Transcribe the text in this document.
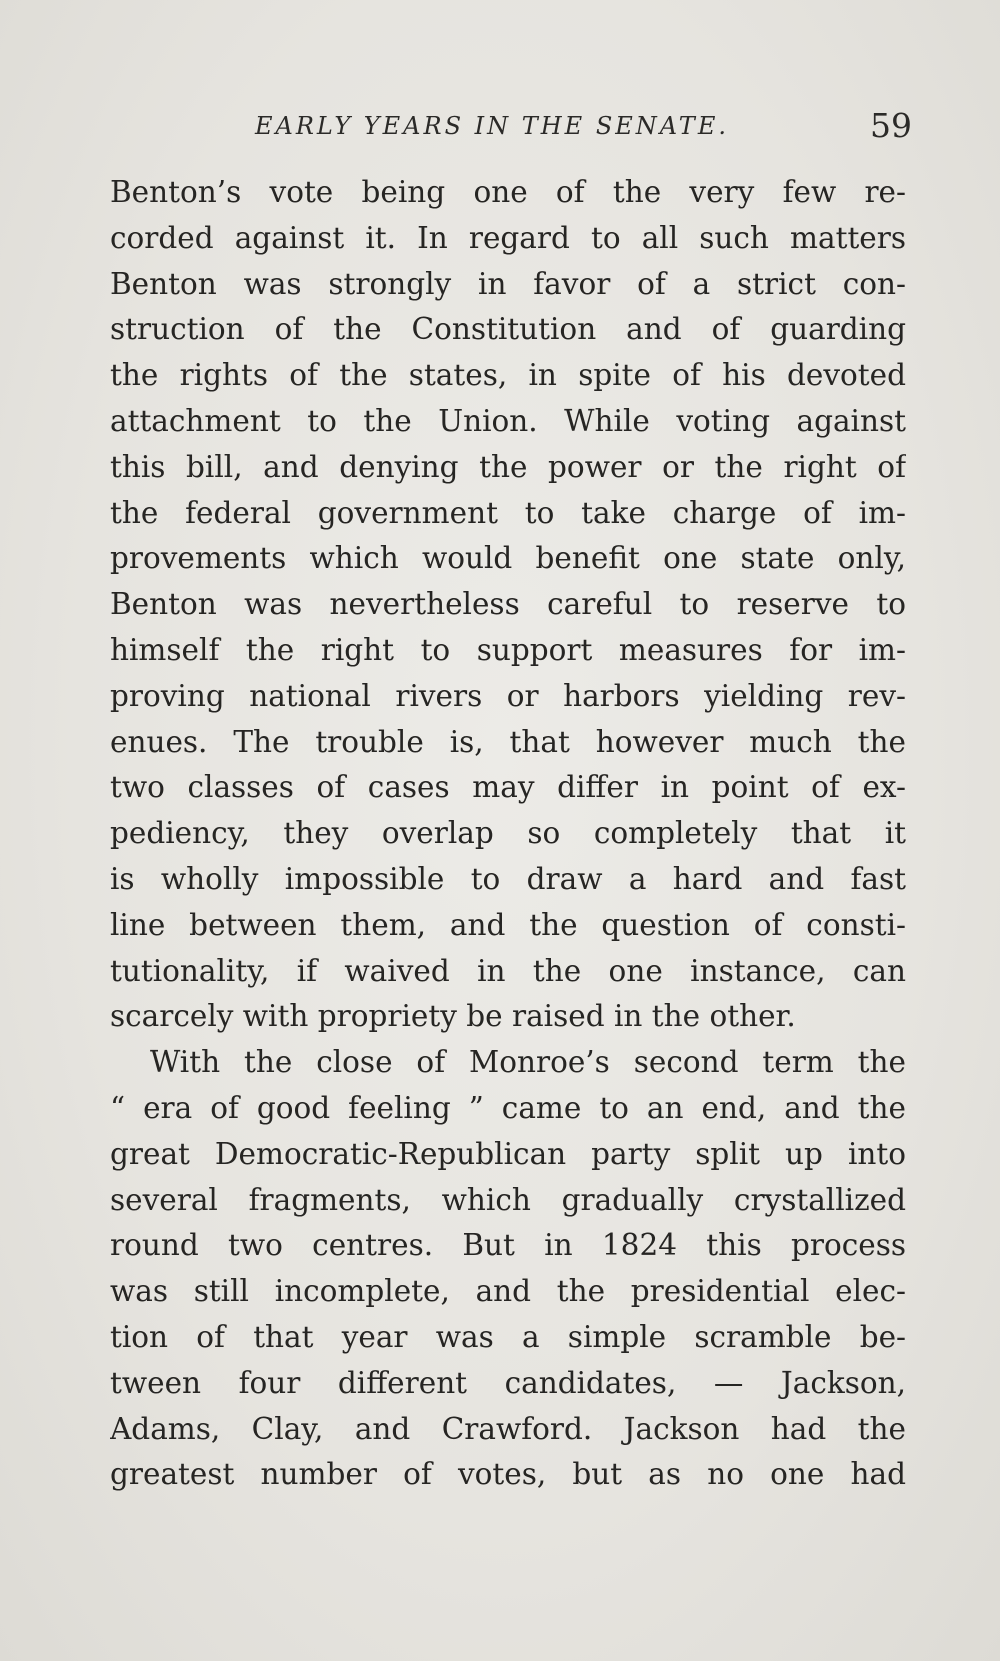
EARLY YEARS IN THE SENATE.	59
Benton’s vote being one of the very few re-
corded against it. In regard to all such matters
Benton was strongly in favor of a strict con-
struction of the Constitution and of guarding
the rights of the states, in spite of his devoted
attachment to the Union. While voting against
this bill, and denying the power or the right of
the federal government to take charge of im-
provements which would benefit one state only,
Benton was nevertheless careful to reserve to
himself the right to support measures for im-
proving national rivers or harbors yielding rev-
enues. The trouble is, that however much the
two classes of cases may differ in point of ex-
pediency, they overlap so completely that it
is wholly impossible to draw a hard and fast
line between them, and the question of consti-
tutionality, if waived in the one instance, can
scarcely with propriety be raised in the other.
With the close of Monroe’s second term the
“ era of good feeling ” came to an end, and the
great Democratic-Republican party split up into
several fragments, which gradually crystallized
round two centres. But in 1824 this process
was still incomplete, and the presidential elec-
tion of that year was a simple scramble be-
tween four different candidates, — Jackson,
Adams, Clay, and Crawford. Jackson had the
greatest number of votes, but as no one had
